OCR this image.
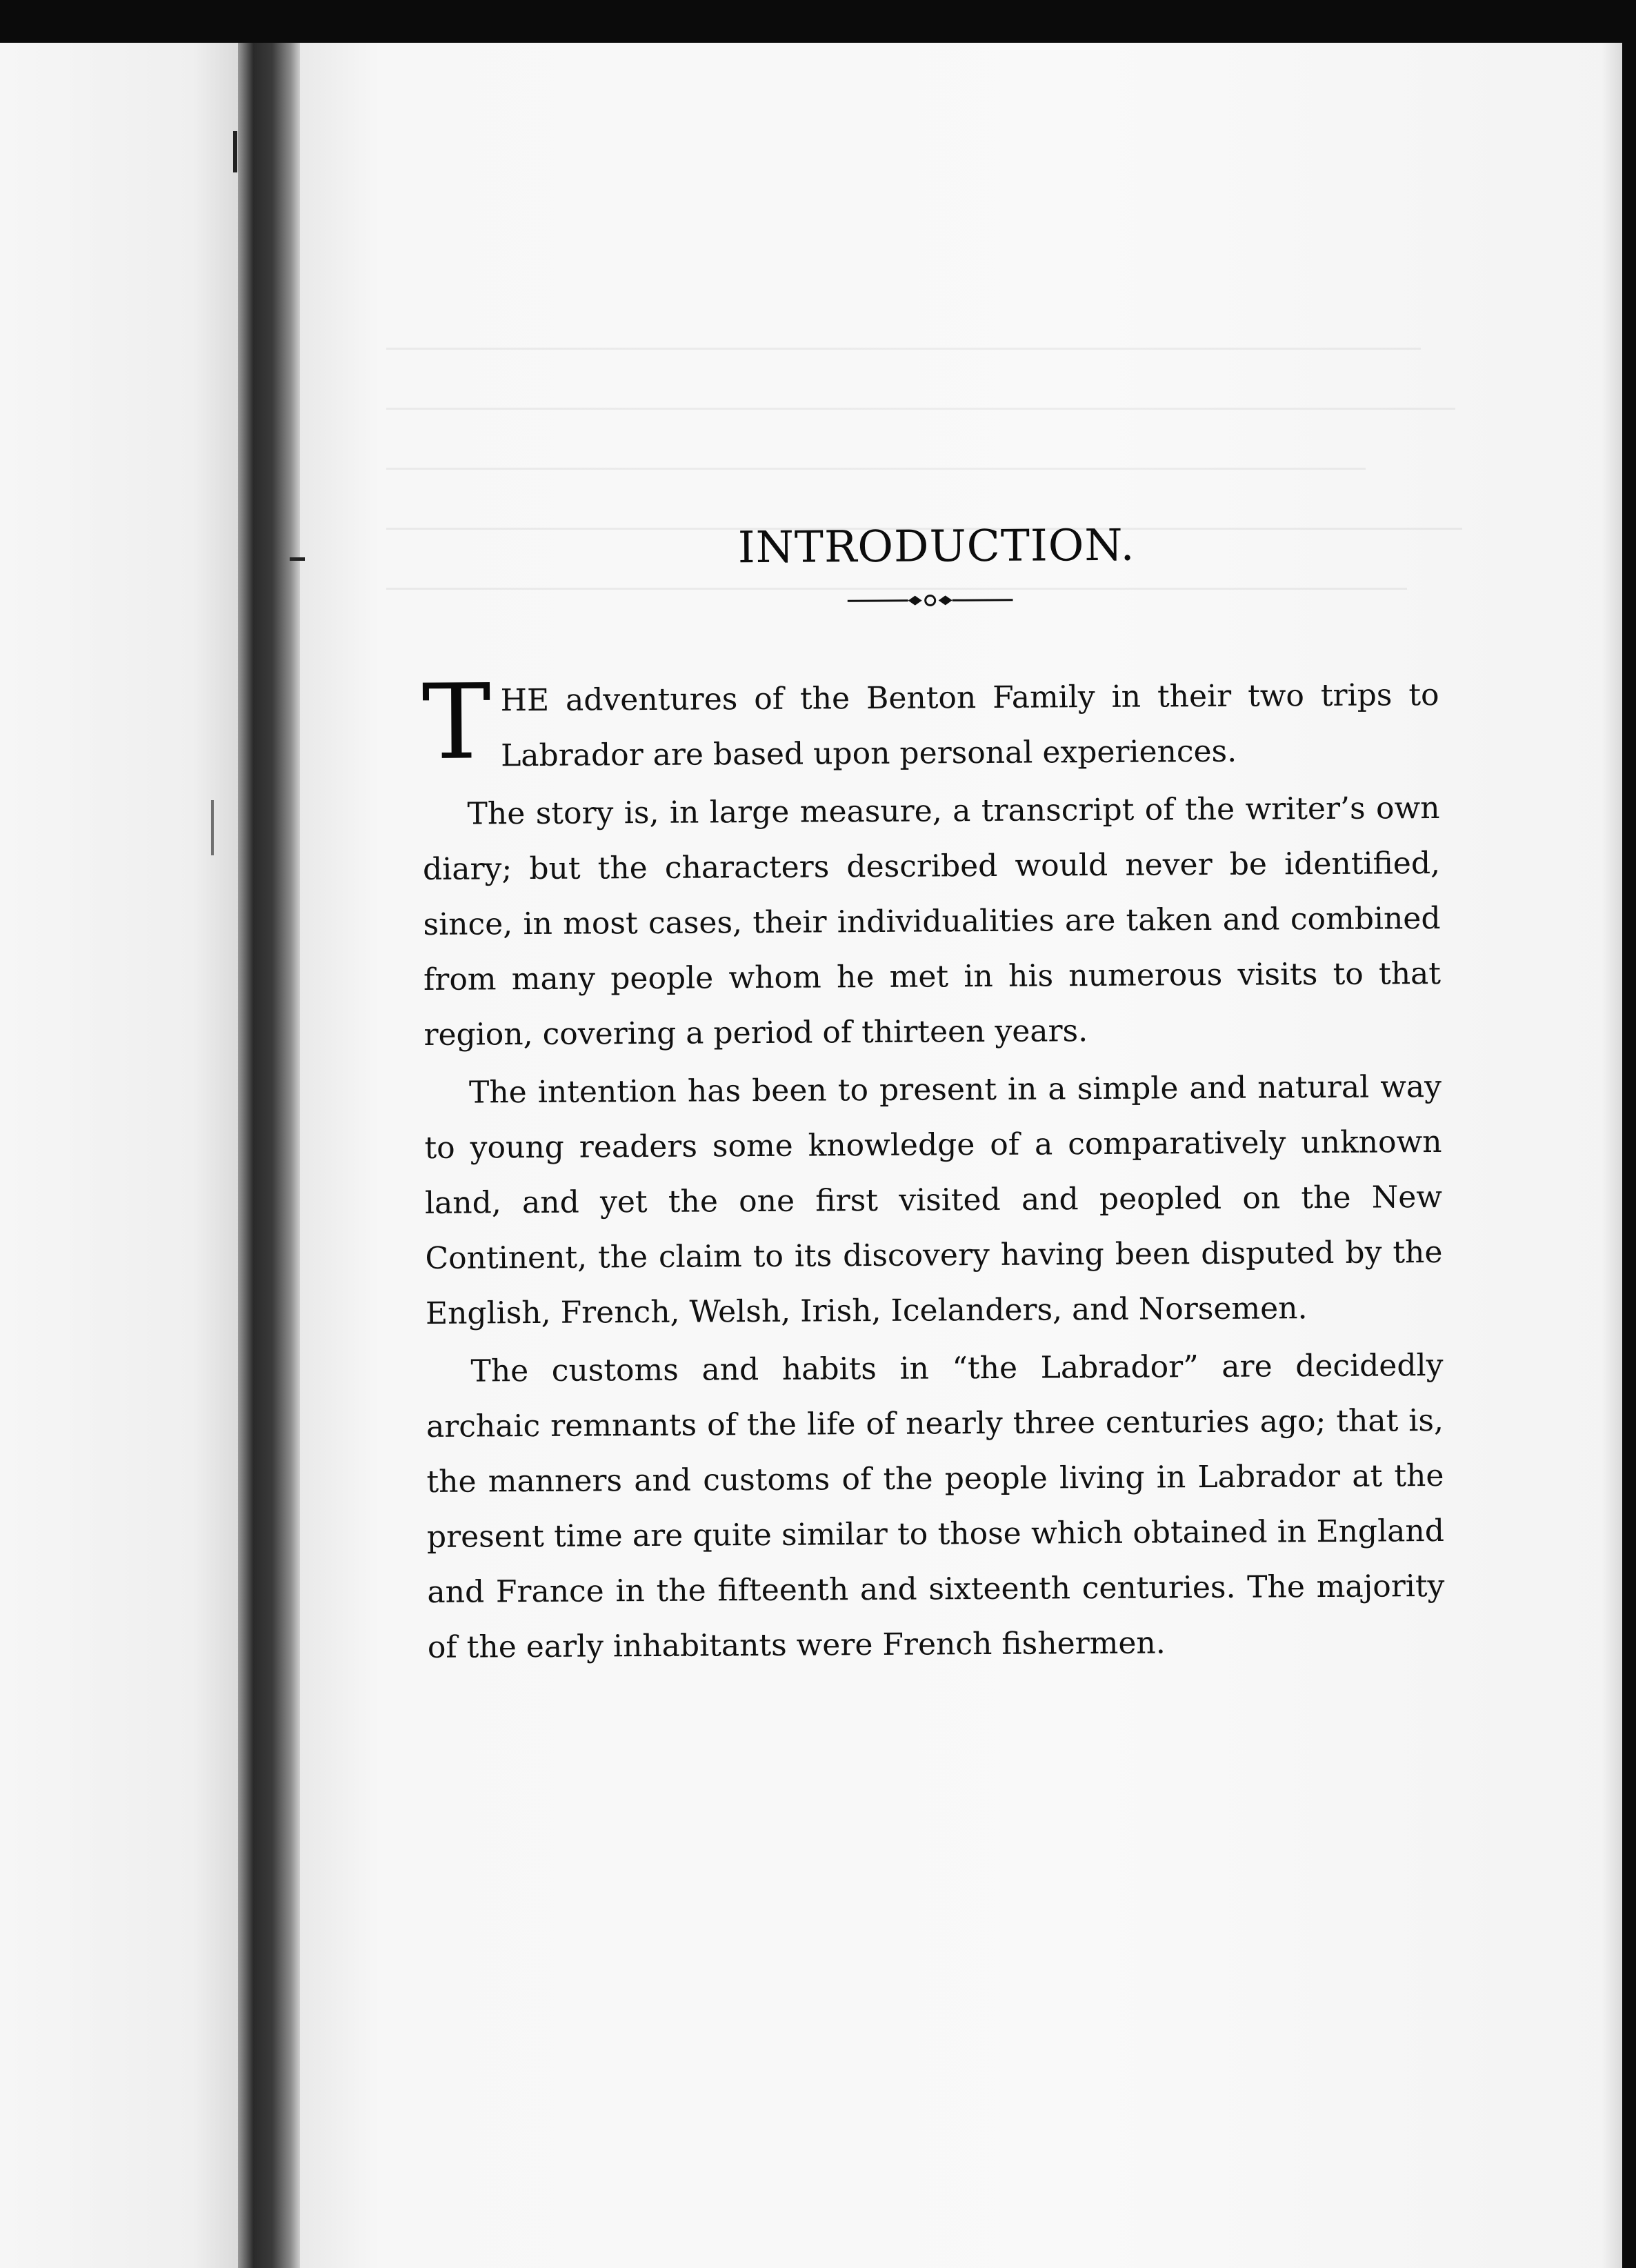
INTRODUCTION.

THE adventures of the Benton Family in their two trips to Labrador are based upon personal experiences.

The story is, in large measure, a transcript of the writer’s own diary; but the characters described would never be identified, since, in most cases, their individualities are taken and combined from many people whom he met in his numerous visits to that region, covering a period of thirteen years.

The intention has been to present in a simple and natural way to young readers some knowledge of a comparatively unknown land, and yet the one first visited and peopled on the New Continent, the claim to its discovery having been disputed by the English, French, Welsh, Irish, Icelanders, and Norsemen.

The customs and habits in “the Labrador” are decidedly archaic remnants of the life of nearly three centuries ago; that is, the manners and customs of the people living in Labrador at the present time are quite similar to those which obtained in England and France in the fifteenth and sixteenth centuries. The majority of the early inhabitants were French fishermen.
